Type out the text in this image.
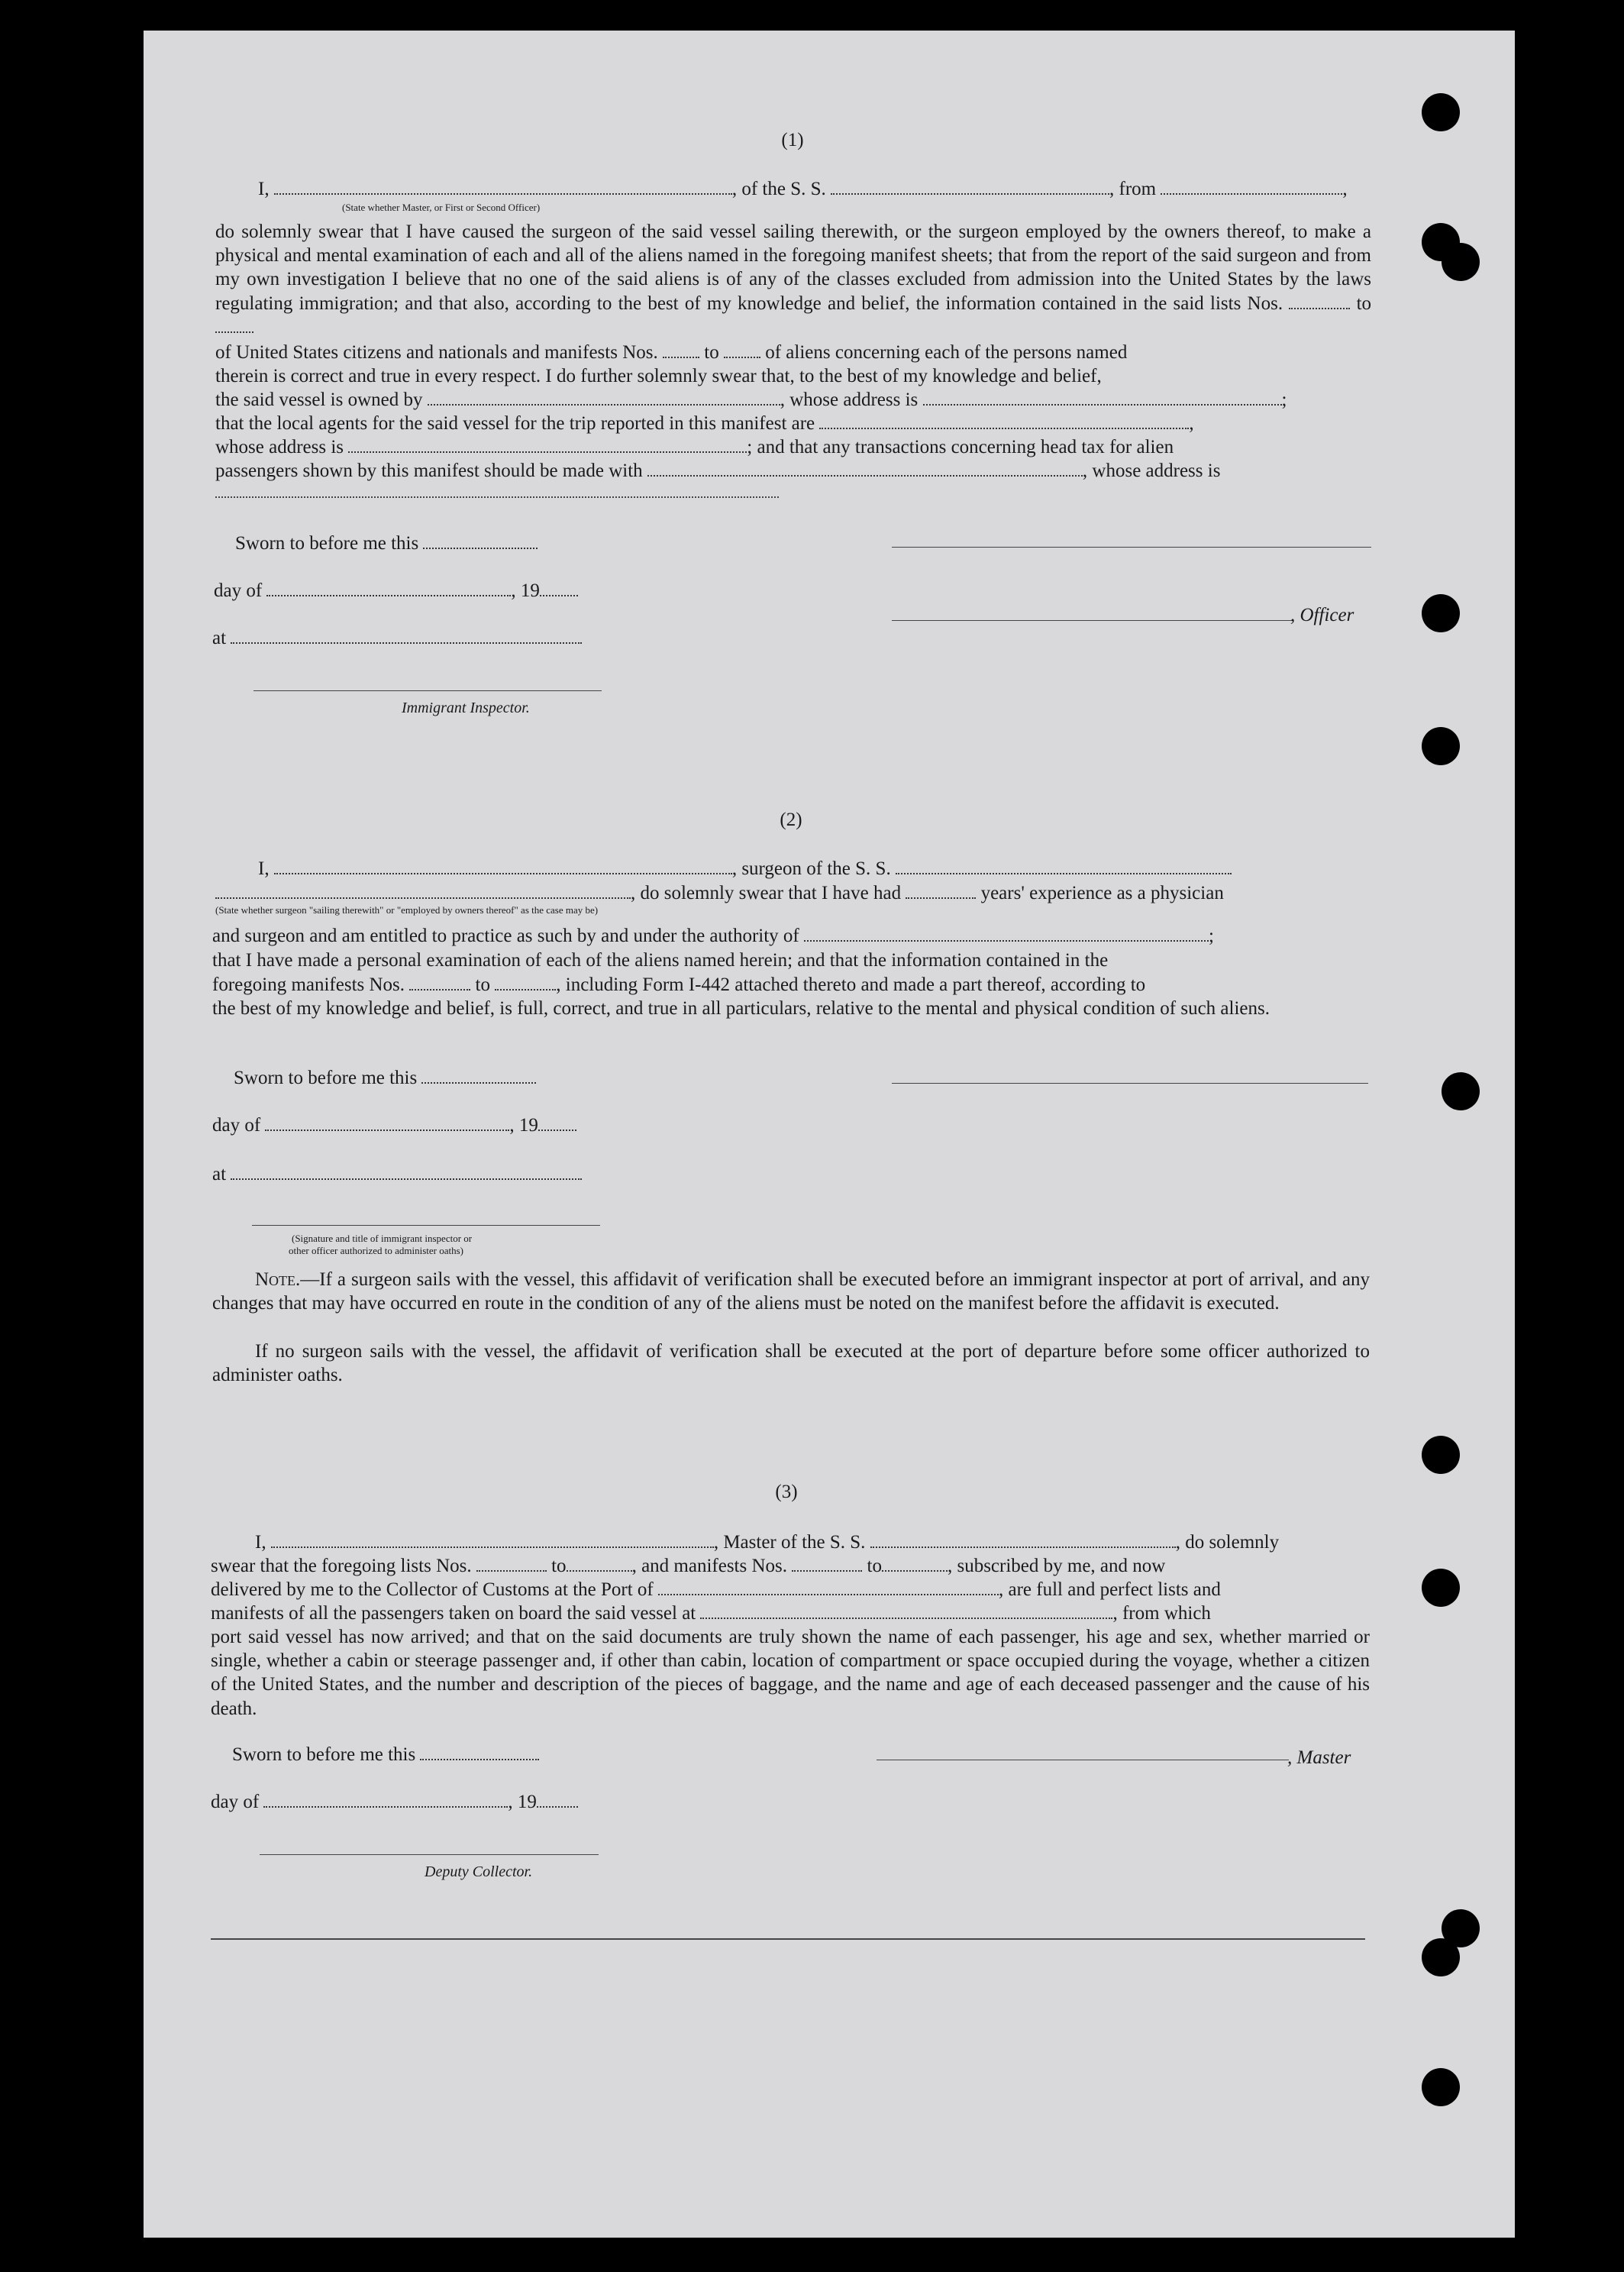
(1)
I,	, of the S. S.	, from	,
(State whether Master, or First or Second Officer)
do solemnly swear that I have caused the surgeon of the said vessel sailing therewith, or the surgeon employed by the owners thereof, to make a physical and mental examination of each and all of the aliens named in the foregoing manifest sheets; that from the report of the said surgeon and from my own investigation I believe that no one of the said aliens is of any of the classes excluded from admission into the United States by the laws regulating immigration; and that also, according to the best of my knowledge and belief, the information contained in the said lists Nos.	to
of United States citizens and nationals and manifests Nos. to of aliens concerning each of the persons named
therein is correct and true in every respect. I do further solemnly swear that, to the best of my knowledge and belief,
the said vessel is owned by	, whose address is	;
that the local agents for the said vessel for the trip reported in this manifest are	,
whose address is	; and that any transactions concerning head tax for alien
passengers shown by this manifest should be made with	, whose address is
Sworn to before me this
day of	, 19
, Officer
at
Immigrant Inspector.
(2)
I,	, surgeon of the S. S.
, do solemnly swear that I have had	years' experience as a physician
(State whether surgeon "sailing therewith" or "employed by owners thereof" as the case may be)
and surgeon and am entitled to practice as such by and under the authority of	;
that I have made a personal examination of each of the aliens named herein; and that the information contained in the
foregoing manifests Nos.	to	, including Form I-442 attached thereto and made a part thereof, according to
the best of my knowledge and belief, is full, correct, and true in all particulars, relative to the mental and physical condition of such aliens.
Sworn to before me this
day of	, 19
at
(Signature and title of immigrant inspector or
other officer authorized to administer oaths)
Note.—If a surgeon sails with the vessel, this affidavit of verification shall be executed before an immigrant inspector at port of arrival, and any changes that may have occurred en route in the condition of any of the aliens must be noted on the manifest before the affidavit is executed.
If no surgeon sails with the vessel, the affidavit of verification shall be executed at the port of departure before some officer authorized to administer oaths.
(3)
I,	, Master of the S. S.	, do solemnly
swear that the foregoing lists Nos.	to	, and manifests Nos.	to	, subscribed by me, and now
delivered by me to the Collector of Customs at the Port of	, are full and perfect lists and
manifests of all the passengers taken on board the said vessel at	, from which
port said vessel has now arrived; and that on the said documents are truly shown the name of each passenger, his age and sex, whether married or single, whether a cabin or steerage passenger and, if other than cabin, location of compartment or space occupied during the voyage, whether a citizen of the United States, and the number and description of the pieces of baggage, and the name and age of each deceased passenger and the cause of his death.
Sworn to before me this	, Master
day of	, 19
Deputy Collector.
